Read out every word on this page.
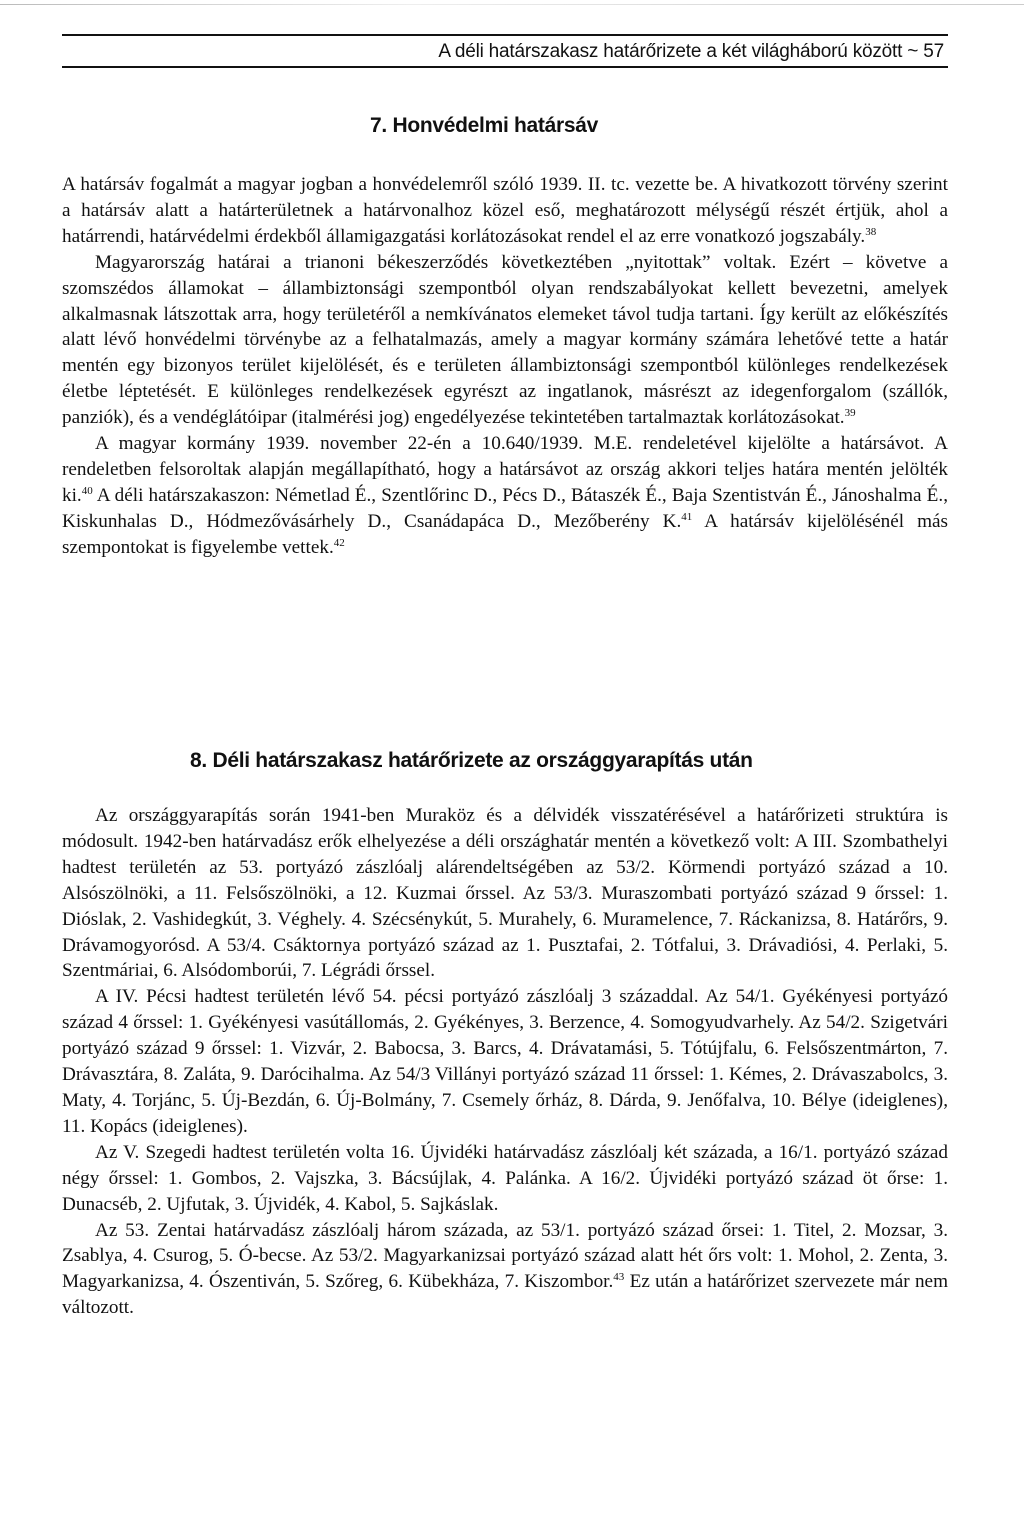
A déli határszakasz határőrizete a két világháború között ~ 57
7. Honvédelmi határsáv

A határsáv fogalmát a magyar jogban a honvédelemről szóló 1939. II. tc. vezette be. A hivatkozott törvény szerint a határsáv alatt a határterületnek a határvonalhoz közel eső, meghatározott mélységű részét értjük, ahol a határrendi, határvédelmi érdekből államigazgatási korlátozásokat rendel el az erre vonatkozó jogszabály.$^{38}$

Magyarország határai a trianoni békeszerződés következtében „nyitottak” voltak. Ezért – követve a szomszédos államokat – állambiztonsági szempontból olyan rendszabályokat kellett bevezetni, amelyek alkalmasnak látszottak arra, hogy területéről a nemkívánatos elemeket távol tudja tartani. Így került az előkészítés alatt lévő honvédelmi törvénybe az a felhatalmazás, amely a magyar kormány számára lehetővé tette a határ mentén egy bizonyos terület kijelölését, és e területen állambiztonsági szempontból különleges rendelkezések életbe léptetését. E különleges rendelkezések egyrészt az ingatlanok, másrészt az idegenforgalom (szállók, panziók), és a vendéglátóipar (italmérési jog) engedélyezése tekintetében tartalmaztak korlátozásokat.$^{39}$

A magyar kormány 1939. november 22-én a 10.640/1939. M.E. rendeletével kijelölte a határsávot. A rendeletben felsoroltak alapján megállapítható, hogy a határsávot az ország akkori teljes határa mentén jelölték ki.$^{40}$ A déli határszakaszon: Németlad É., Szentlőrinc D., Pécs D., Bátaszék É., Baja Szentistván É., Jánoshalma É., Kiskunhalas D., Hódmezővásárhely D., Csanádapáca D., Mezőberény K.$^{41}$ A határsáv kijelölésénél más szempontokat is figyelembe vettek.$^{42}$

8. Déli határszakasz határőrizete az országgyarapítás után

Az országgyarapítás során 1941-ben Muraköz és a délvidék visszatérésével a határőrizeti struktúra is módosult. 1942-ben határvadász erők elhelyezése a déli országhatár mentén a következő volt: A III. Szombathelyi hadtest területén az 53. portyázó zászlóalj alárendeltségében az 53/2. Körmendi portyázó század a 10. Alsószölnöki, a 11. Felsőszölnöki, a 12. Kuzmai őrssel. Az 53/3. Muraszombati portyázó század 9 őrssel: 1. Dióslak, 2. Vashidegkút, 3. Véghely. 4. Szécsénykút, 5. Murahely, 6. Muramelence, 7. Ráckanizsa, 8. Határőrs, 9. Drávamogyorósd. A 53/4. Csáktornya portyázó század az 1. Pusztafai, 2. Tótfalui, 3. Drávadiósi, 4. Perlaki, 5. Szentmáriai, 6. Alsódomborúi, 7. Légrádi őrssel.

A IV. Pécsi hadtest területén lévő 54. pécsi portyázó zászlóalj 3 századdal. Az 54/1. Gyékényesi portyázó század 4 őrssel: 1. Gyékényesi vasútállomás, 2. Gyékényes, 3. Berzence, 4. Somogyudvarhely. Az 54/2. Szigetvári portyázó század 9 őrssel: 1. Vizvár, 2. Babocsa, 3. Barcs, 4. Drávatamási, 5. Tótújfalu, 6. Felsőszentmárton, 7. Drávasztára, 8. Zaláta, 9. Darócihalma. Az 54/3 Villányi portyázó század 11 őrssel: 1. Kémes, 2. Drávaszabolcs, 3. Maty, 4. Torjánc, 5. Új-Bezdán, 6. Új-Bolmány, 7. Csemely őrház, 8. Dárda, 9. Jenőfalva, 10. Bélye (ideiglenes), 11. Kopács (ideiglenes).

Az V. Szegedi hadtest területén volta 16. Újvidéki határvadász zászlóalj két százada, a 16/1. portyázó század négy őrssel: 1. Gombos, 2. Vajszka, 3. Bácsújlak, 4. Palánka. A 16/2. Újvidéki portyázó század öt őrse: 1. Dunacséb, 2. Ujfutak, 3. Újvidék, 4. Kabol, 5. Sajkáslak.

Az 53. Zentai határvadász zászlóalj három százada, az 53/1. portyázó század őrsei: 1. Titel, 2. Mozsar, 3. Zsablya, 4. Csurog, 5. Ó-becse. Az 53/2. Magyarkanizsai portyázó század alatt hét őrs volt: 1. Mohol, 2. Zenta, 3. Magyarkanizsa, 4. Ószentiván, 5. Szőreg, 6. Kübekháza, 7. Kiszombor.$^{43}$ Ez után a határőrizet szervezete már nem változott.
